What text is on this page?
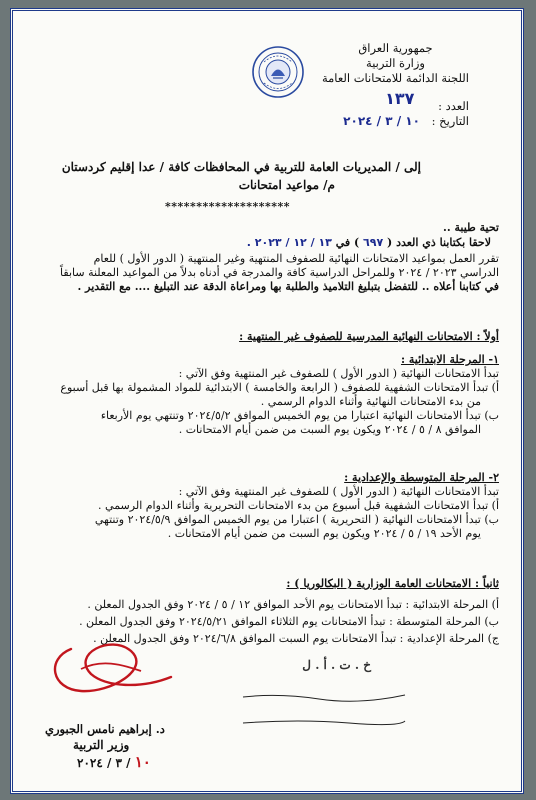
جمهورية العراق
وزارة التربية
اللجنة الدائمة للامتحانات العامة
العدد : ١٣٧
التاريخ : ١٠ / ٣ / ٢٠٢٤
إلى / المديريات العامة للتربية في المحافظات كافة / عدا إقليم كردستان
م/ مواعيد امتحانات
********************
تحية طيبة ..
لاحقا بكتابنا ذي العدد ( ٦٩٧ ) في ١٣ / ١٢ / ٢٠٢٣ .
تقرر العمل بمواعيد الامتحانات النهائية للصفوف المنتهية وغير المنتهية ( الدور الأول ) للعام
الدراسي ٢٠٢٣ / ٢٠٢٤ وللمراحل الدراسية كافة والمدرجة في أدناه بدلاً من المواعيد المعلنة سابقاً
في كتابنا أعلاه .. للتفضل بتبليغ التلاميذ والطلبة بها ومراعاة الدقة عند التبليغ .... مع التقدير .
أولاً : الامتحانات النهائية المدرسية للصفوف غير المنتهية :
١- المرحلة الابتدائية :
تبدأ الامتحانات النهائية ( الدور الأول ) للصفوف غير المنتهية وفق الآتي :
أ) تبدأ الامتحانات الشفهية للصفوف ( الرابعة والخامسة ) الابتدائية للمواد المشمولة بها قبل أسبوع
من بدء الامتحانات النهائية وأثناء الدوام الرسمي .
ب) تبدأ الامتحانات النهائية اعتبارا من يوم الخميس الموافق ٢٠٢٤/٥/٢ وتنتهي يوم الأربعاء
الموافق ٨ / ٥ / ٢٠٢٤ ويكون يوم السبت من ضمن أيام الامتحانات .
٢- المرحلة المتوسطة والإعدادية :
تبدأ الامتحانات النهائية ( الدور الأول ) للصفوف غير المنتهية وفق الآتي :
أ) تبدأ الامتحانات الشفهية قبل أسبوع من بدء الامتحانات التحريرية وأثناء الدوام الرسمي .
ب) تبدأ الامتحانات النهائية ( التحريرية ) اعتبارا من يوم الخميس الموافق ٢٠٢٤/٥/٩ وتنتهي
يوم الأحد ١٩ / ٥ / ٢٠٢٤ ويكون يوم السبت من ضمن أيام الامتحانات .
ثانياً : الامتحانات العامة الوزارية ( البكالوريا ) :
أ) المرحلة الابتدائية : تبدأ الامتحانات يوم الأحد الموافق ١٢ / ٥ / ٢٠٢٤ وفق الجدول المعلن .
ب) المرحلة المتوسطة : تبدأ الامتحانات يوم الثلاثاء الموافق ٢٠٢٤/٥/٢١ وفق الجدول المعلن .
ج) المرحلة الإعدادية : تبدأ الامتحانات يوم السبت الموافق ٢٠٢٤/٦/٨ وفق الجدول المعلن .
خ . ت . أ . ل
د. إبراهيم نامس الجبوري
وزير التربية
١٠ / ٣ / ٢٠٢٤
